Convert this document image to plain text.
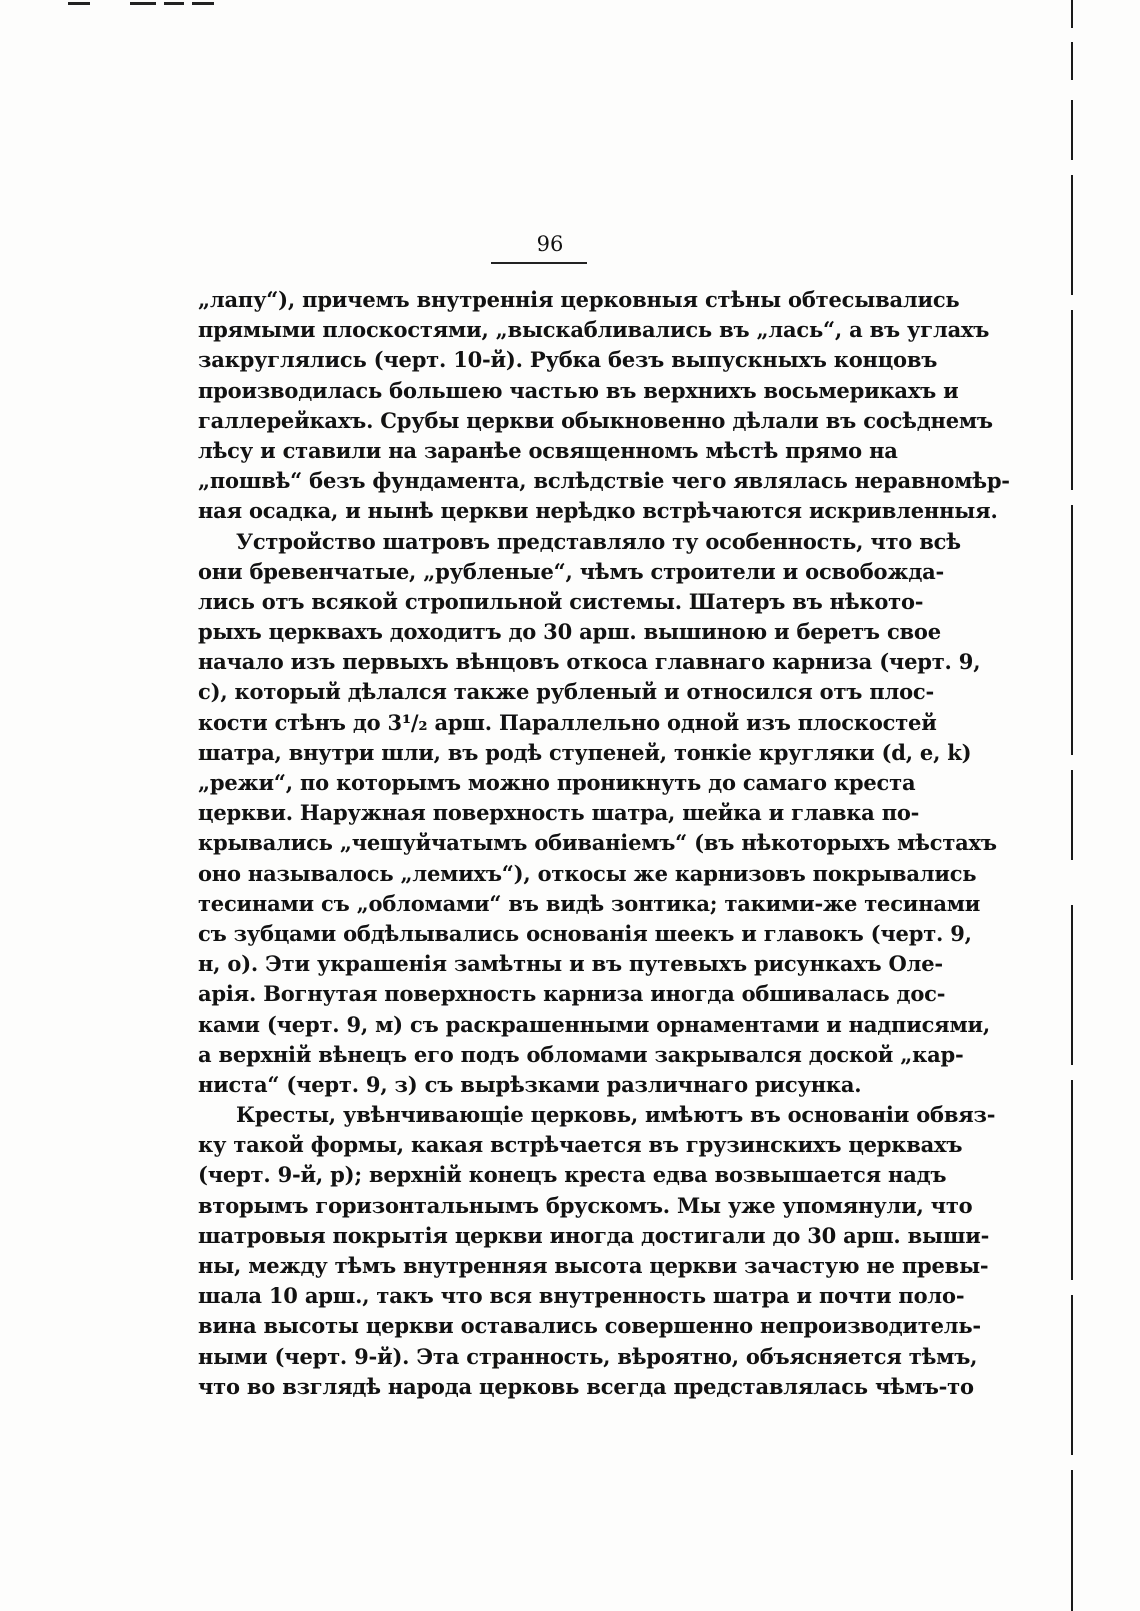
96
„лапу“), причемъ внутреннія церковныя стѣны обтесывались
прямыми плоскостями, „выскабливались въ „лась“, а въ углахъ
закруглялись (черт. 10-й). Рубка безъ выпускныхъ концовъ
производилась большею частью въ верхнихъ восьмерикахъ и
галлерейкахъ. Срубы церкви обыкновенно дѣлали въ сосѣднемъ
лѣсу и ставили на заранѣе освященномъ мѣстѣ прямо на
„пошвѣ“ безъ фундамента, вслѣдствіе чего являлась неравномѣр-
ная осадка, и нынѣ церкви нерѣдко встрѣчаются искривленныя.
Устройство шатровъ представляло ту особенность, что всѣ
они бревенчатые, „рубленые“, чѣмъ строители и освобожда-
лись отъ всякой стропильной системы. Шатеръ въ нѣкото-
рыхъ церквахъ доходитъ до 30 арш. вышиною и беретъ свое
начало изъ первыхъ вѣнцовъ откоса главнаго карниза (черт. 9,
c), который дѣлался также рубленый и относился отъ плос-
кости стѣнъ до 3¹/₂ арш. Параллельно одной изъ плоскостей
шатра, внутри шли, въ родѣ ступеней, тонкіе кругляки (d, e, k)
„режи“, по которымъ можно проникнуть до самаго креста
церкви. Наружная поверхность шатра, шейка и главка по-
крывались „чешуйчатымъ обиваніемъ“ (въ нѣкоторыхъ мѣстахъ
оно называлось „лемихъ“), откосы же карнизовъ покрывались
тесинами съ „обломами“ въ видѣ зонтика; такими-же тесинами
съ зубцами обдѣлывались основанія шеекъ и главокъ (черт. 9,
н, о). Эти украшенія замѣтны и въ путевыхъ рисункахъ Оле-
арія. Вогнутая поверхность карниза иногда обшивалась дос-
ками (черт. 9, м) съ раскрашенными орнаментами и надписями,
а верхній вѣнецъ его подъ обломами закрывался доской „кар-
ниста“ (черт. 9, з) съ вырѣзками различнаго рисунка.
Кресты, увѣнчивающіе церковь, имѣютъ въ основаніи обвяз-
ку такой формы, какая встрѣчается въ грузинскихъ церквахъ
(черт. 9-й, p); верхній конецъ креста едва возвышается надъ
вторымъ горизонтальнымъ брускомъ. Мы уже упомянули, что
шатровыя покрытія церкви иногда достигали до 30 арш. выши-
ны, между тѣмъ внутренняя высота церкви зачастую не превы-
шала 10 арш., такъ что вся внутренность шатра и почти поло-
вина высоты церкви оставались совершенно непроизводитель-
ными (черт. 9-й). Эта странность, вѣроятно, объясняется тѣмъ,
что во взглядѣ народа церковь всегда представлялась чѣмъ-то
